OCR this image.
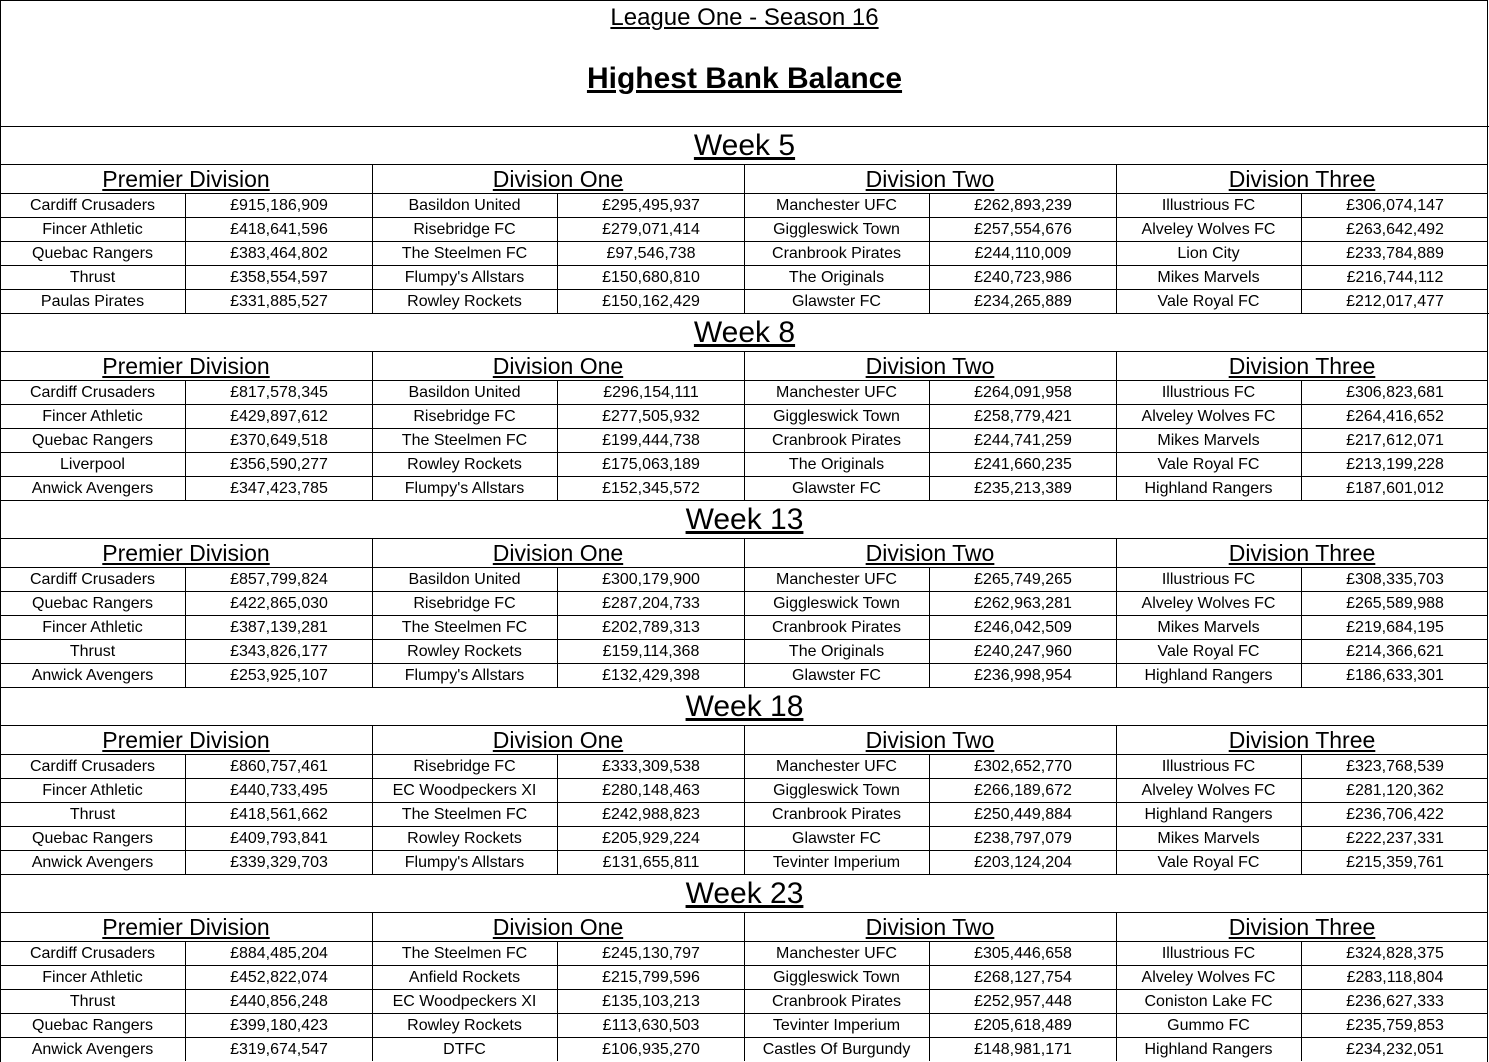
League One - Season 16
Highest Bank Balance
Week 5
Premier Division
Cardiff Crusaders	£915,186,909
Fincer Athletic	£418,641,596
Quebac Rangers	£383,464,802
Thrust	£358,554,597
Paulas Pirates	£331,885,527
Division One
Basildon United	£295,495,937
Risebridge FC	£279,071,414
The Steelmen FC	£97,546,738
Flumpy's Allstars	£150,680,810
Rowley Rockets	£150,162,429
Division Two
Manchester UFC	£262,893,239
Giggleswick Town	£257,554,676
Cranbrook Pirates	£244,110,009
The Originals	£240,723,986
Glawster FC	£234,265,889
Division Three
Illustrious FC	£306,074,147
Alveley Wolves FC	£263,642,492
Lion City	£233,784,889
Mikes Marvels	£216,744,112
Vale Royal FC	£212,017,477
Week 8
Premier Division
Cardiff Crusaders	£817,578,345
Fincer Athletic	£429,897,612
Quebac Rangers	£370,649,518
Liverpool	£356,590,277
Anwick Avengers	£347,423,785
Division One
Basildon United	£296,154,111
Risebridge FC	£277,505,932
The Steelmen FC	£199,444,738
Rowley Rockets	£175,063,189
Flumpy's Allstars	£152,345,572
Division Two
Manchester UFC	£264,091,958
Giggleswick Town	£258,779,421
Cranbrook Pirates	£244,741,259
The Originals	£241,660,235
Glawster FC	£235,213,389
Division Three
Illustrious FC	£306,823,681
Alveley Wolves FC	£264,416,652
Mikes Marvels	£217,612,071
Vale Royal FC	£213,199,228
Highland Rangers	£187,601,012
Week 13
Premier Division
Cardiff Crusaders	£857,799,824
Quebac Rangers	£422,865,030
Fincer Athletic	£387,139,281
Thrust	£343,826,177
Anwick Avengers	£253,925,107
Division One
Basildon United	£300,179,900
Risebridge FC	£287,204,733
The Steelmen FC	£202,789,313
Rowley Rockets	£159,114,368
Flumpy's Allstars	£132,429,398
Division Two
Manchester UFC	£265,749,265
Giggleswick Town	£262,963,281
Cranbrook Pirates	£246,042,509
The Originals	£240,247,960
Glawster FC	£236,998,954
Division Three
Illustrious FC	£308,335,703
Alveley Wolves FC	£265,589,988
Mikes Marvels	£219,684,195
Vale Royal FC	£214,366,621
Highland Rangers	£186,633,301
Week 18
Premier Division
Cardiff Crusaders	£860,757,461
Fincer Athletic	£440,733,495
Thrust	£418,561,662
Quebac Rangers	£409,793,841
Anwick Avengers	£339,329,703
Division One
Risebridge FC	£333,309,538
EC Woodpeckers XI	£280,148,463
The Steelmen FC	£242,988,823
Rowley Rockets	£205,929,224
Flumpy's Allstars	£131,655,811
Division Two
Manchester UFC	£302,652,770
Giggleswick Town	£266,189,672
Cranbrook Pirates	£250,449,884
Glawster FC	£238,797,079
Tevinter Imperium	£203,124,204
Division Three
Illustrious FC	£323,768,539
Alveley Wolves FC	£281,120,362
Highland Rangers	£236,706,422
Mikes Marvels	£222,237,331
Vale Royal FC	£215,359,761
Week 23
Premier Division
Cardiff Crusaders	£884,485,204
Fincer Athletic	£452,822,074
Thrust	£440,856,248
Quebac Rangers	£399,180,423
Anwick Avengers	£319,674,547
Division One
The Steelmen FC	£245,130,797
Anfield Rockets	£215,799,596
EC Woodpeckers XI	£135,103,213
Rowley Rockets	£113,630,503
DTFC	£106,935,270
Division Two
Manchester UFC	£305,446,658
Giggleswick Town	£268,127,754
Cranbrook Pirates	£252,957,448
Tevinter Imperium	£205,618,489
Castles Of Burgundy	£148,981,171
Division Three
Illustrious FC	£324,828,375
Alveley Wolves FC	£283,118,804
Coniston Lake FC	£236,627,333
Gummo FC	£235,759,853
Highland Rangers	£234,232,051
